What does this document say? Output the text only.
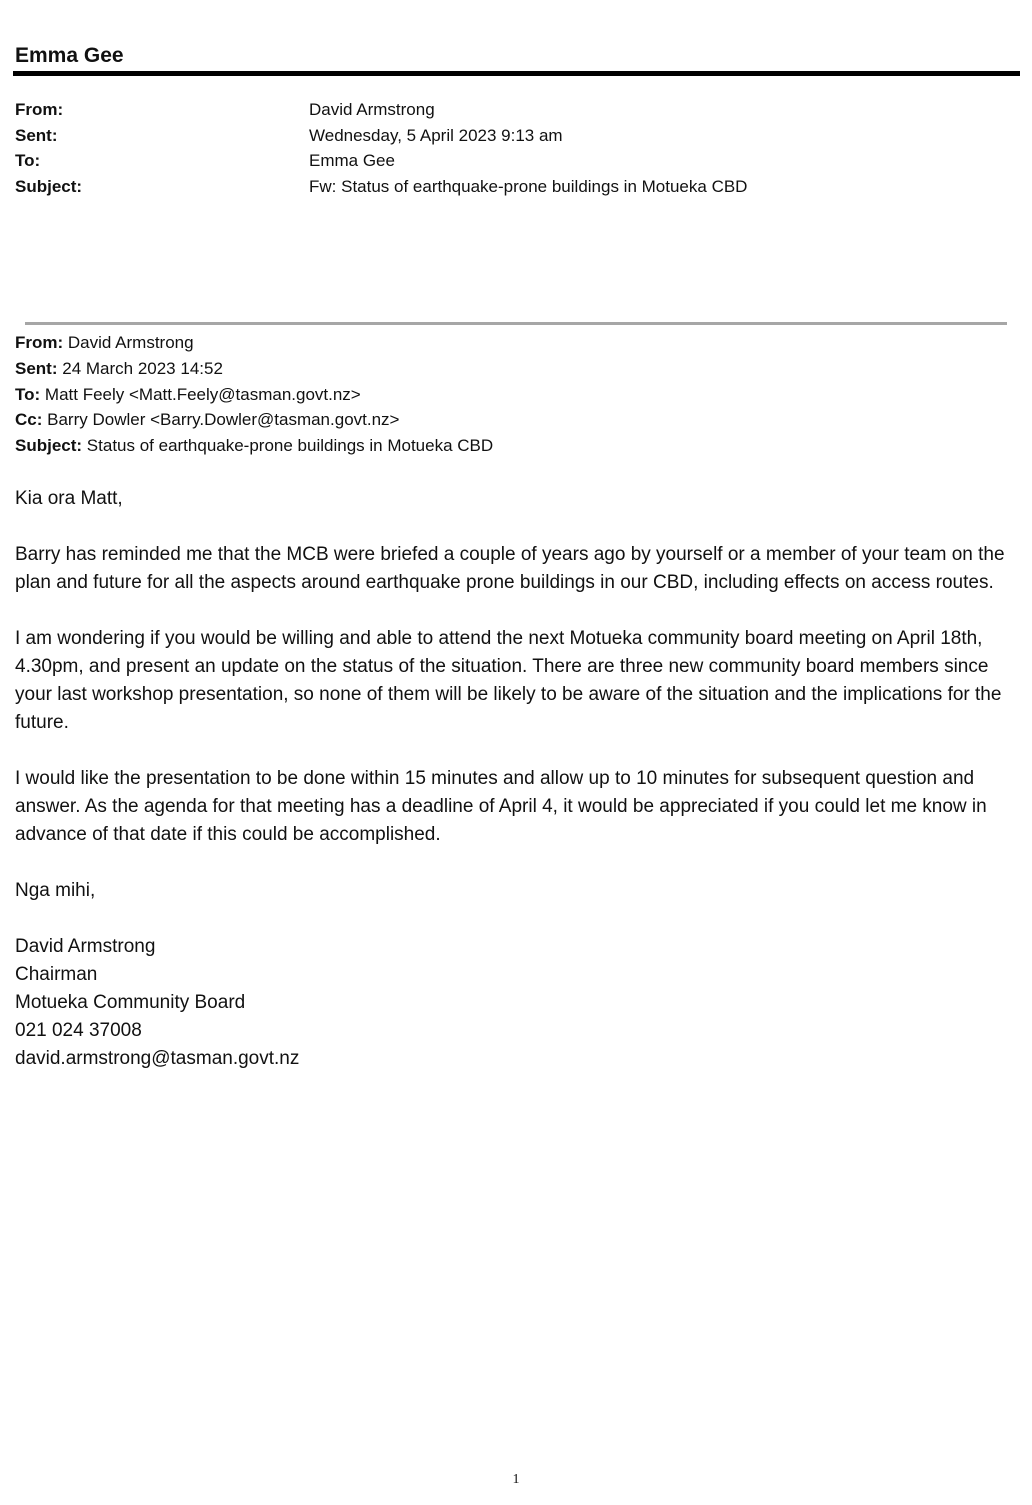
Emma Gee
From:	David Armstrong
Sent:	Wednesday, 5 April 2023 9:13 am
To:	Emma Gee
Subject:	Fw: Status of earthquake-prone buildings in Motueka CBD
From: David Armstrong
Sent: 24 March 2023 14:52
To: Matt Feely <Matt.Feely@tasman.govt.nz>
Cc: Barry Dowler <Barry.Dowler@tasman.govt.nz>
Subject: Status of earthquake-prone buildings in Motueka CBD

Kia ora Matt,

Barry has reminded me that the MCB were briefed a couple of years ago by yourself or a member of your team on the plan and future for all the aspects around earthquake prone buildings in our CBD, including effects on access routes.

I am wondering if you would be willing and able to attend the next Motueka community board meeting on April 18th, 4.30pm, and present an update on the status of the situation. There are three new community board members since your last workshop presentation, so none of them will be likely to be aware of the situation and the implications for the future.

I would like the presentation to be done within 15 minutes and allow up to 10 minutes for subsequent question and answer. As the agenda for that meeting has a deadline of April 4, it would be appreciated if you could let me know in advance of that date if this could be accomplished.

Nga mihi,

David Armstrong
Chairman
Motueka Community Board
021 024 37008
david.armstrong@tasman.govt.nz
1
